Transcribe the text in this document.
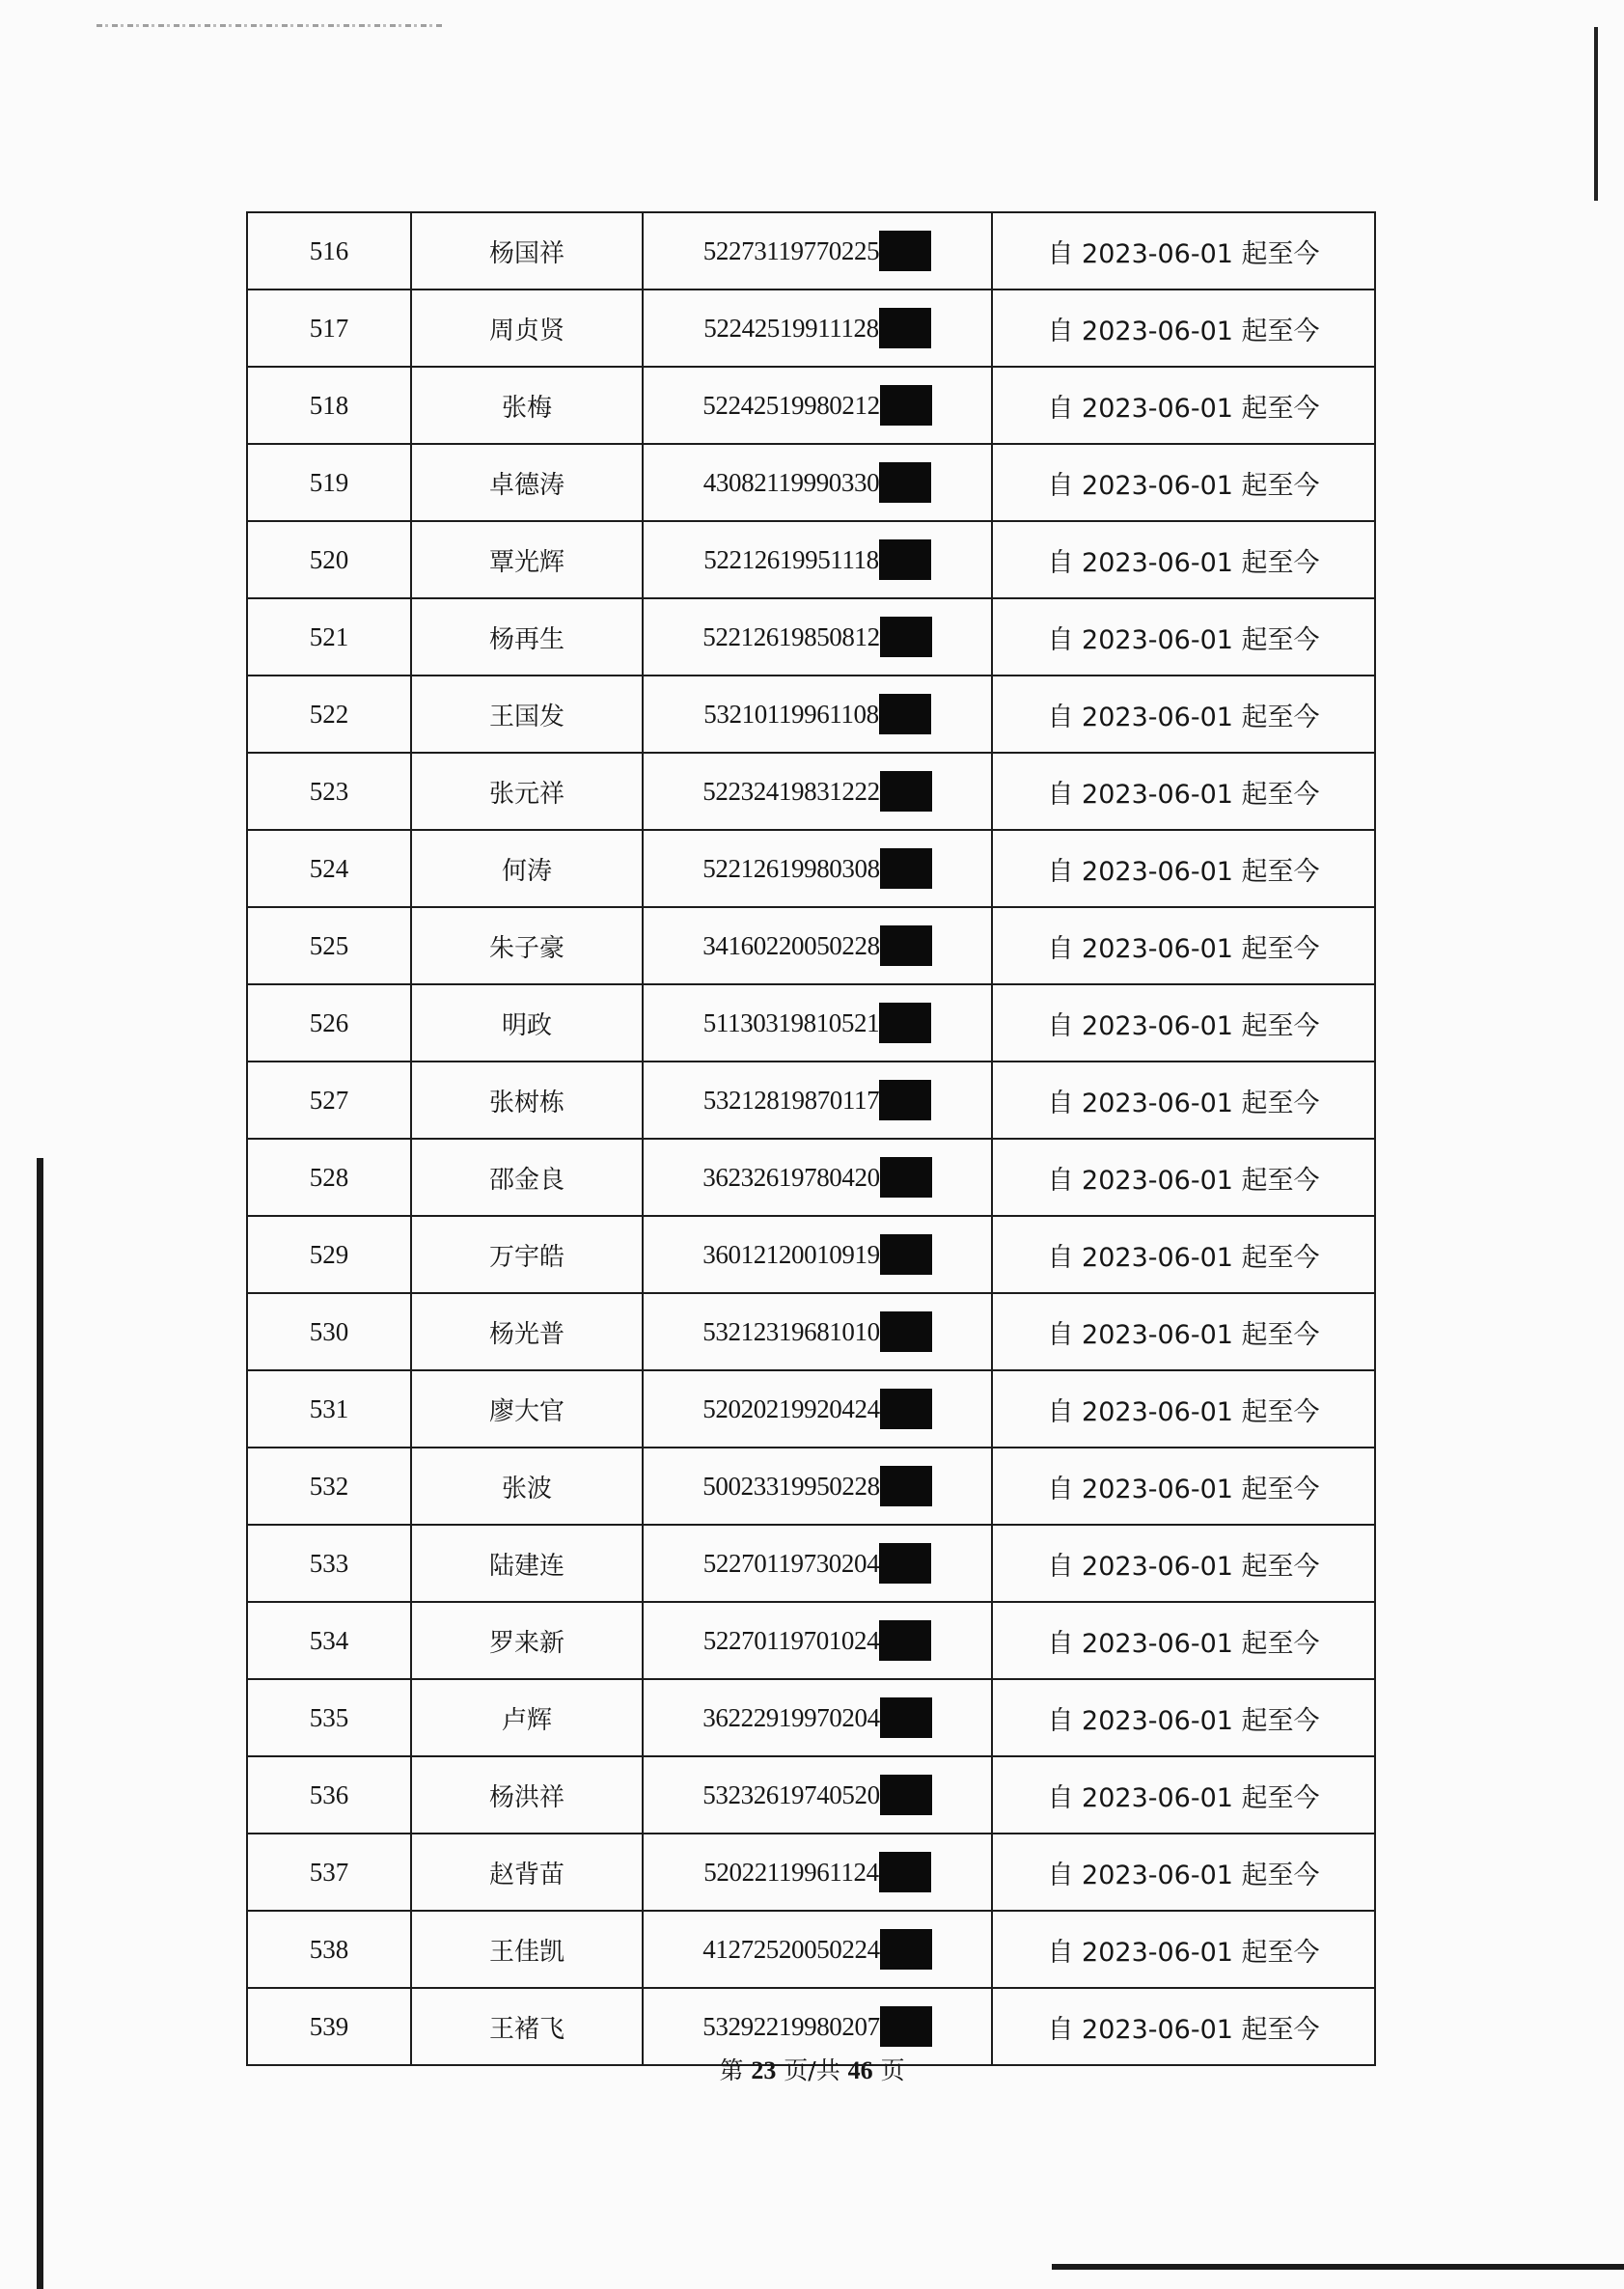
516	杨国祥	52273119770225	自 2023-06-01 起至今
517	周贞贤	52242519911128	自 2023-06-01 起至今
518	张梅	52242519980212	自 2023-06-01 起至今
519	卓德涛	43082119990330	自 2023-06-01 起至今
520	覃光辉	52212619951118	自 2023-06-01 起至今
521	杨再生	52212619850812	自 2023-06-01 起至今
522	王国发	53210119961108	自 2023-06-01 起至今
523	张元祥	52232419831222	自 2023-06-01 起至今
524	何涛	52212619980308	自 2023-06-01 起至今
525	朱子豪	34160220050228	自 2023-06-01 起至今
526	明政	51130319810521	自 2023-06-01 起至今
527	张树栋	53212819870117	自 2023-06-01 起至今
528	邵金良	36232619780420	自 2023-06-01 起至今
529	万宇皓	36012120010919	自 2023-06-01 起至今
530	杨光普	53212319681010	自 2023-06-01 起至今
531	廖大官	52020219920424	自 2023-06-01 起至今
532	张波	50023319950228	自 2023-06-01 起至今
533	陆建连	52270119730204	自 2023-06-01 起至今
534	罗来新	52270119701024	自 2023-06-01 起至今
535	卢辉	36222919970204	自 2023-06-01 起至今
536	杨洪祥	53232619740520	自 2023-06-01 起至今
537	赵背苗	52022119961124	自 2023-06-01 起至今
538	王佳凯	41272520050224	自 2023-06-01 起至今
539	王褚飞	53292219980207	自 2023-06-01 起至今
第 23 页/共 46 页
